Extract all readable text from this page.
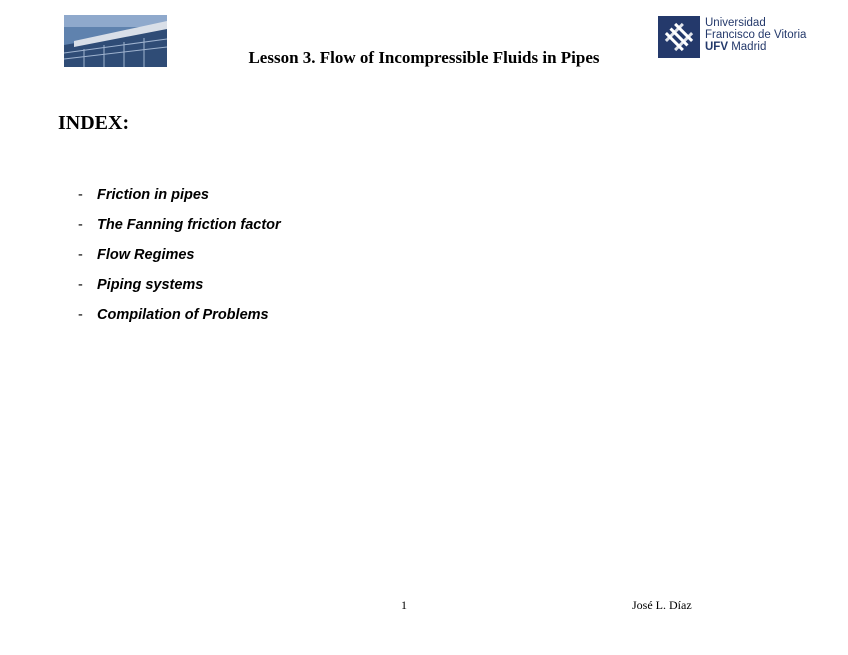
Lesson 3. Flow of Incompressible Fluids in Pipes
Universidad
Francisco de Vitoria
UFV Madrid
INDEX:
- Friction in pipes
- The Fanning friction factor
- Flow Regimes
- Piping systems
- Compilation of Problems
1	José L. Díaz
